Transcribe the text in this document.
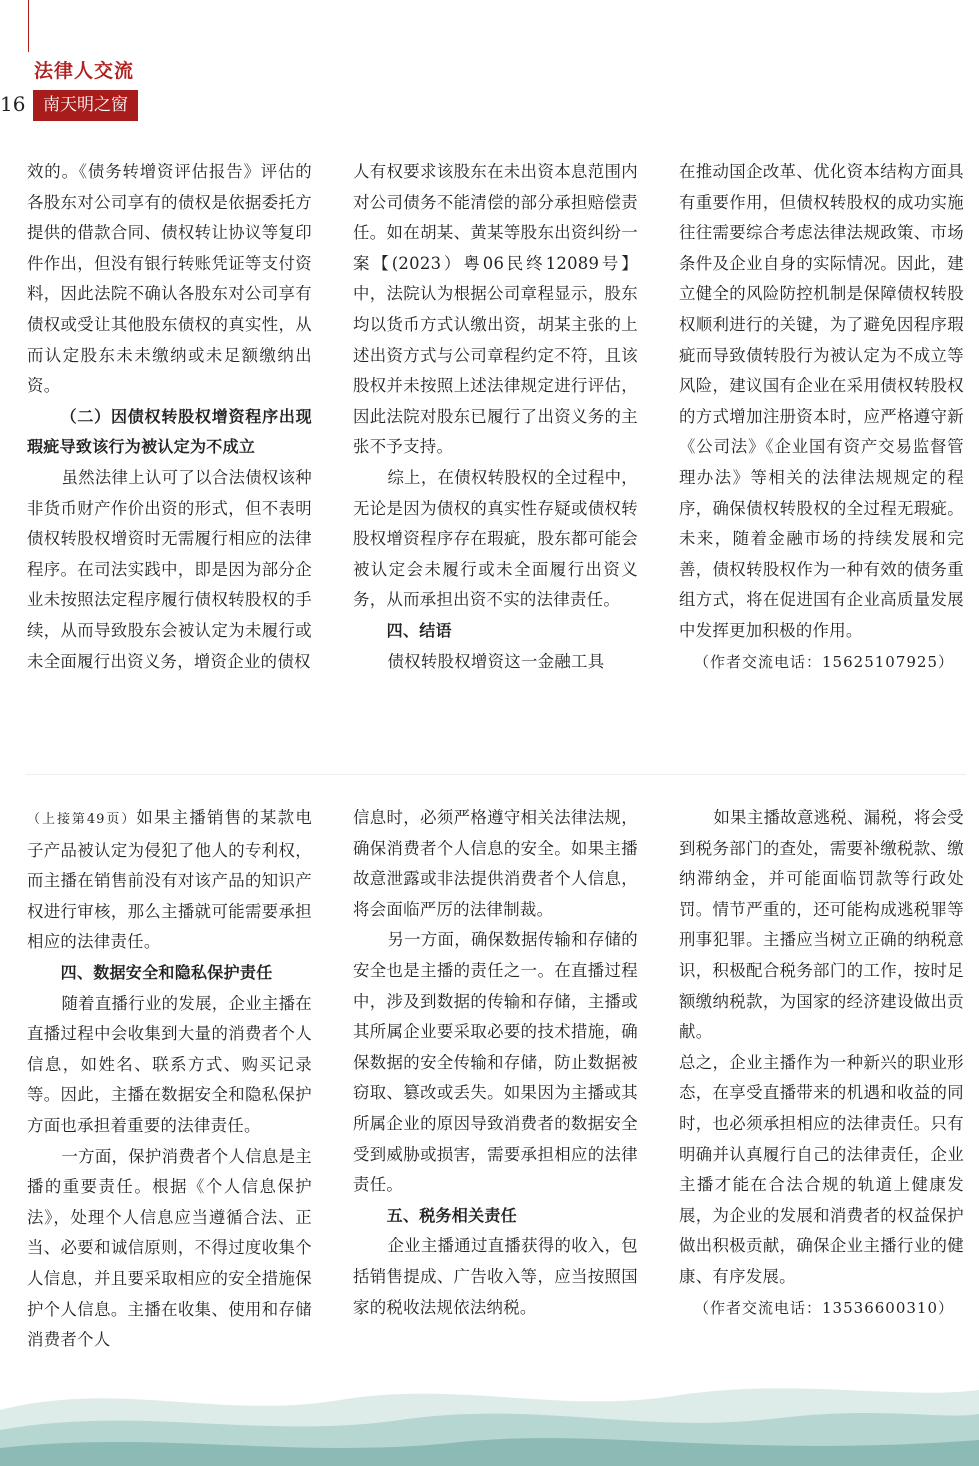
法律人交流
16	南天明之窗

效的。《债务转增资评估报告》评估的各股东对公司享有的债权是依据委托方提供的借款合同、债权转让协议等复印件作出，但没有银行转账凭证等支付资料，因此法院不确认各股东对公司享有债权或受让其他股东债权的真实性，从而认定股东未未缴纳或未足额缴纳出资。

（二）因债权转股权增资程序出现瑕疵导致该行为被认定为不成立

虽然法律上认可了以合法债权该种非货币财产作价出资的形式，但不表明债权转股权增资时无需履行相应的法律程序。在司法实践中，即是因为部分企业未按照法定程序履行债权转股权的手续，从而导致股东会被认定为未履行或未全面履行出资义务，增资企业的债权

人有权要求该股东在未出资本息范围内对公司债务不能清偿的部分承担赔偿责任。如在胡某、黄某等股东出资纠纷一案【(2023）粤06民终12089号】中，法院认为根据公司章程显示，股东均以货币方式认缴出资，胡某主张的上述出资方式与公司章程约定不符，且该股权并未按照上述法律规定进行评估，因此法院对股东已履行了出资义务的主张不予支持。

综上，在债权转股权的全过程中，无论是因为债权的真实性存疑或债权转股权增资程序存在瑕疵，股东都可能会被认定会未履行或未全面履行出资义务，从而承担出资不实的法律责任。

四、结语

债权转股权增资这一金融工具

在推动国企改革、优化资本结构方面具有重要作用，但债权转股权的成功实施往往需要综合考虑法律法规政策、市场条件及企业自身的实际情况。因此，建立健全的风险防控机制是保障债权转股权顺利进行的关键，为了避免因程序瑕疵而导致债转股行为被认定为不成立等风险，建议国有企业在采用债权转股权的方式增加注册资本时，应严格遵守新《公司法》《企业国有资产交易监督管理办法》等相关的法律法规规定的程序，确保债权转股权的全过程无瑕疵。未来，随着金融市场的持续发展和完善，债权转股权作为一种有效的债务重组方式，将在促进国有企业高质量发展中发挥更加积极的作用。

（作者交流电话：15625107925）

（上接第49页）如果主播销售的某款电子产品被认定为侵犯了他人的专利权，而主播在销售前没有对该产品的知识产权进行审核，那么主播就可能需要承担相应的法律责任。

四、数据安全和隐私保护责任

随着直播行业的发展，企业主播在直播过程中会收集到大量的消费者个人信息，如姓名、联系方式、购买记录等。因此，主播在数据安全和隐私保护方面也承担着重要的法律责任。

一方面，保护消费者个人信息是主播的重要责任。根据《个人信息保护法》，处理个人信息应当遵循合法、正当、必要和诚信原则，不得过度收集个人信息，并且要采取相应的安全措施保护个人信息。主播在收集、使用和存储消费者个人

信息时，必须严格遵守相关法律法规，确保消费者个人信息的安全。如果主播故意泄露或非法提供消费者个人信息，将会面临严厉的法律制裁。

另一方面，确保数据传输和存储的安全也是主播的责任之一。在直播过程中，涉及到数据的传输和存储，主播或其所属企业要采取必要的技术措施，确保数据的安全传输和存储，防止数据被窃取、篡改或丢失。如果因为主播或其所属企业的原因导致消费者的数据安全受到威胁或损害，需要承担相应的法律责任。

五、税务相关责任

企业主播通过直播获得的收入，包括销售提成、广告收入等，应当按照国家的税收法规依法纳税。

如果主播故意逃税、漏税，将会受到税务部门的查处，需要补缴税款、缴纳滞纳金，并可能面临罚款等行政处罚。情节严重的，还可能构成逃税罪等刑事犯罪。主播应当树立正确的纳税意识，积极配合税务部门的工作，按时足额缴纳税款，为国家的经济建设做出贡献。

总之，企业主播作为一种新兴的职业形态，在享受直播带来的机遇和收益的同时，也必须承担相应的法律责任。只有明确并认真履行自己的法律责任，企业主播才能在合法合规的轨道上健康发展，为企业的发展和消费者的权益保护做出积极贡献，确保企业主播行业的健康、有序发展。

（作者交流电话：13536600310）
